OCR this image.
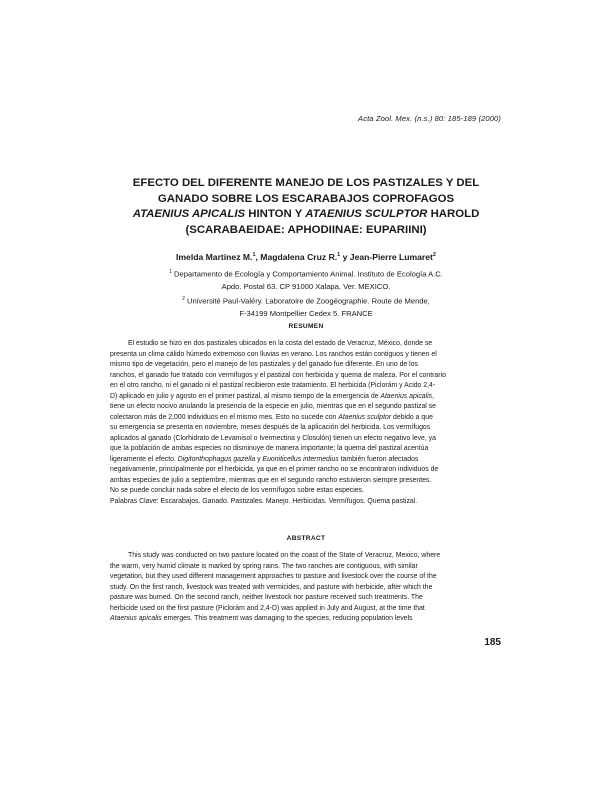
Acta Zool. Mex. (n.s.) 80: 185-189 (2000)
EFECTO DEL DIFERENTE MANEJO DE LOS PASTIZALES Y DEL
GANADO SOBRE LOS ESCARABAJOS COPROFAGOS
ATAENIUS APICALIS HINTON Y ATAENIUS SCULPTOR HAROLD
(SCARABAEIDAE: APHODIINAE: EUPARIINI)
Imelda Martínez M.$^1$, Magdalena Cruz R.$^1$ y Jean-Pierre Lumaret$^2$
$^1$ Departamento de Ecología y Comportamiento Animal. Instituto de Ecología A.C.
Apdo. Postal 63. CP 91000 Xalapa, Ver. MEXICO.
$^2$ Université Paul-Valéry. Laboratoire de Zoogéographie. Route de Mende,
F-34199 Montpellier Cedex 5. FRANCE
RESUMEN
El estudio se hizo en dos pastizales ubicados en la costa del estado de Veracruz, México, donde se
presenta un clima cálido húmedo extremoso con lluvias en verano. Los ranchos están contiguos y tienen el
mismo tipo de vegetación, pero el manejo de los pastizales y del ganado fue diferente. En uno de los
ranchos, el ganado fue tratado con vermífugos y el pastizal con herbicida y quema de maleza. Por el contrario
en el otro rancho, ni el ganado ni el pastizal recibieron este tratamiento. El herbicida (Piclorám y Acido 2,4-
D) aplicado en julio y agosto en el primer pastizal, al mismo tiempo de la emergencia de Ataenius apicalis,
tiene un efecto nocivo anulando la presencia de la especie en julio, mientras que en el segundo pastizal se
colectaron más de 2,000 individuos en el mismo mes. Esto no sucede con Ataenius sculptor debido a que
su emergencia se presenta en noviembre, meses después de la aplicación del herbicida. Los vermífugos
aplicados al ganado (Clorhidrato de Levamisol o Ivermectina y Closulón) tienen un efecto negativo leve, ya
que la población de ambas especies no disminuye de manera importante; la quema del pastizal acentúa
ligeramente el efecto. Digitonthophagus gazella y Euoniticellus intermedius también fueron afectados
negativamente, principalmente por el herbicida, ya que en el primer rancho no se encontraron individuos de
ambas especies de julio a septiembre, mientras que en el segundo rancho estuvieron siempre presentes.
No se puede concluir nada sobre el efecto de los vermífugos sobre estas especies.
Palabras Clave: Escarabajos. Ganado. Pastizales. Manejo. Herbicidas. Vermífugos. Quema pastizal.
ABSTRACT
This study was conducted on two pasture located on the coast of the State of Veracruz, Mexico, where
the warm, very humid climate is marked by spring rains. The two ranches are contiguous, with similar
vegetation, but they used different management approaches to pasture and livestock over the course of the
study. On the first ranch, livestock was treated with vermicides, and pasture with herbicide, after which the
pasture was burned. On the second ranch, neither livestock nor pasture received such treatments. The
herbicide used on the first pasture (Piclorám and 2,4-D) was applied in July and August, at the time that
Ataenius apicalis emerges. This treatment was damaging to the species, reducing population levels
185
